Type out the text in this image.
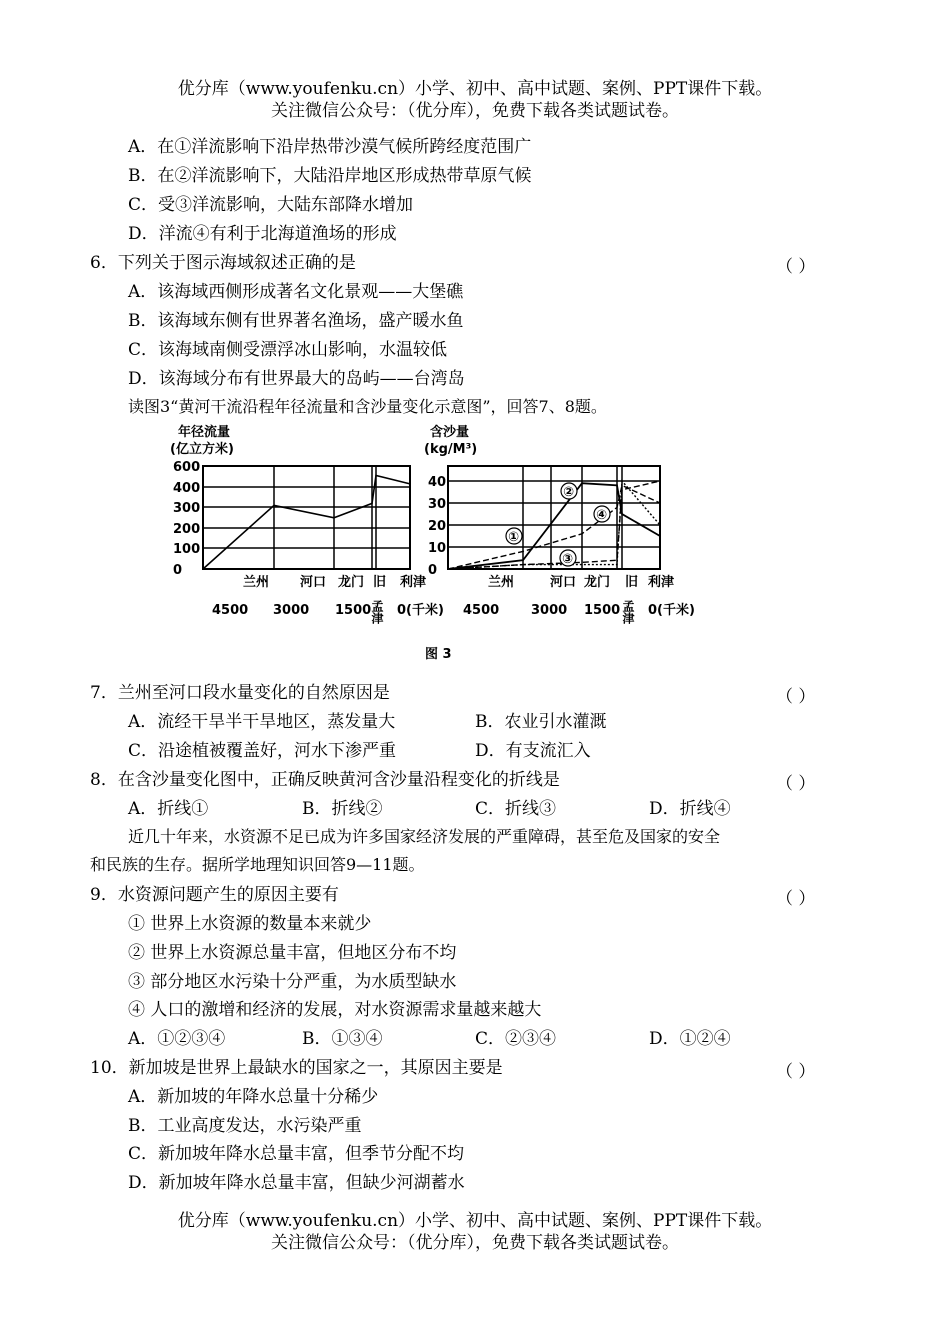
优分库（www.youfenku.cn）小学、初中、高中试题、案例、PPT课件下载。
关注微信公众号：（优分库），免费下载各类试题试卷。
A．在①洋流影响下沿岸热带沙漠气候所跨经度范围广
B．在②洋流影响下，大陆沿岸地区形成热带草原气候
C．受③洋流影响，大陆东部降水增加
D．洋流④有利于北海道渔场的形成
6．下列关于图示海域叙述正确的是	（ ）
A．该海域西侧形成著名文化景观——大堡礁
B．该海域东侧有世界著名渔场，盛产暖水鱼
C．该海域南侧受漂浮冰山影响，水温较低
D．该海域分布有世界最大的岛屿——台湾岛
读图3“黄河干流沿程年径流量和含沙量变化示意图”，回答7、8题。
年径流量
(亿立方米)
600
400
300
200
100
0
兰州 河口 龙门 旧 利津
孟津
4500 3000 1500 0(千米)
含沙量
(kg/M³)
40
30
20
10
0
①
②
③
④
兰州	河口 龙门 旧 利津
孟津
4500 3000 1500 0(千米)
图 3
7．兰州至河口段水量变化的自然原因是	（ ）
A．流经干旱半干旱地区，蒸发量大	B．农业引水灌溉
C．沿途植被覆盖好，河水下渗严重	D．有支流汇入
8．在含沙量变化图中，正确反映黄河含沙量沿程变化的折线是	（ ）
A．折线①	B．折线②	C．折线③	D．折线④
近几十年来，水资源不足已成为许多国家经济发展的严重障碍，甚至危及国家的安全
和民族的生存。据所学地理知识回答9—11题。
9．水资源问题产生的原因主要有	（ ）
① 世界上水资源的数量本来就少
② 世界上水资源总量丰富，但地区分布不均
③ 部分地区水污染十分严重，为水质型缺水
④ 人口的激增和经济的发展，对水资源需求量越来越大
A．①②③④	B．①③④	C．②③④	D．①②④
10．新加坡是世界上最缺水的国家之一，其原因主要是	（ ）
A．新加坡的年降水总量十分稀少
B．工业高度发达，水污染严重
C．新加坡年降水总量丰富，但季节分配不均
D．新加坡年降水总量丰富，但缺少河湖蓄水
优分库（www.youfenku.cn）小学、初中、高中试题、案例、PPT课件下载。
关注微信公众号：（优分库），免费下载各类试题试卷。
